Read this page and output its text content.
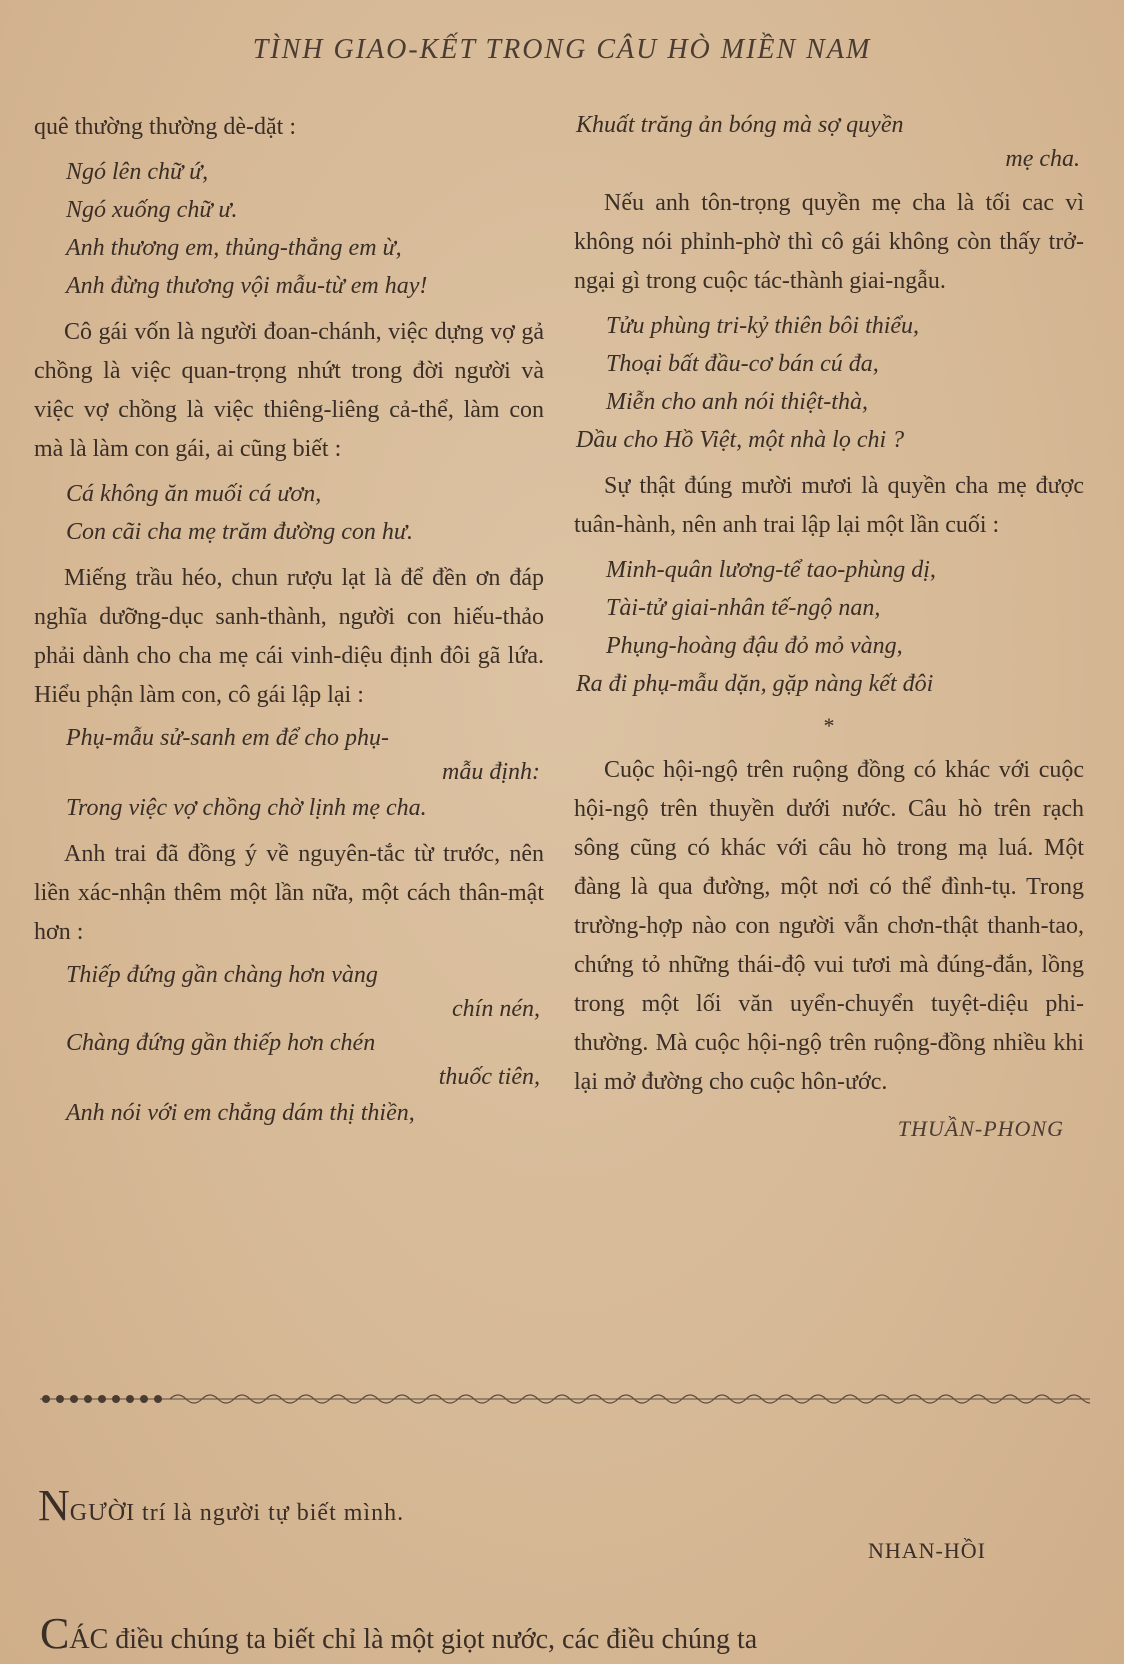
TÌNH GIAO-KẾT TRONG CÂU HÒ MIỀN NAM

quê thường thường dè-dặt :

Ngó lên chữ ứ,
Ngó xuống chữ ư.
Anh thương em, thủng-thẳng em ừ,
Anh đừng thương vội mẫu-từ em hay!

Cô gái vốn là người đoan-chánh, việc dựng vợ gả chồng là việc quan-trọng nhứt trong đời người và việc vợ chồng là việc thiêng-liêng cả-thể, làm con mà là làm con gái, ai cũng biết :

Cá không ăn muối cá ươn,
Con cãi cha mẹ trăm đường con hư.

Miếng trầu héo, chun rượu lạt là để đền ơn đáp nghĩa dưỡng-dục sanh-thành, người con hiếu-thảo phải dành cho cha mẹ cái vinh-diệu định đôi gã lứa. Hiểu phận làm con, cô gái lập lại :

Phụ-mẫu sử-sanh em để cho phụ-
mẫu định:
Trong việc vợ chồng chờ lịnh mẹ cha.

Anh trai đã đồng ý về nguyên-tắc từ trước, nên liền xác-nhận thêm một lần nữa, một cách thân-mật hơn :

Thiếp đứng gần chàng hơn vàng
chín nén,
Chàng đứng gần thiếp hơn chén
thuốc tiên,
Anh nói với em chẳng dám thị thiền,
Khuất trăng ản bóng mà sợ quyền
mẹ cha.

Nếu anh tôn-trọng quyền mẹ cha là tối cac vì không nói phỉnh-phờ thì cô gái không còn thấy trở-ngại gì trong cuộc tác-thành giai-ngẫu.

Tửu phùng tri-kỷ thiên bôi thiểu,
Thoại bất đầu-cơ bán cú đa,
Miễn cho anh nói thiệt-thà,
Dầu cho Hồ Việt, một nhà lọ chi ?

Sự thật đúng mười mươi là quyền cha mẹ được tuân-hành, nên anh trai lập lại một lần cuối :

Minh-quân lương-tể tao-phùng dị,
Tài-tử giai-nhân tế-ngộ nan,
Phụng-hoàng đậu đỏ mỏ vàng,
Ra đi phụ-mẫu dặn, gặp nàng kết đôi
*

Cuộc hội-ngộ trên ruộng đồng có khác với cuộc hội-ngộ trên thuyền dưới nước. Câu hò trên rạch sông cũng có khác với câu hò trong mạ luá. Một đàng là qua đường, một nơi có thể đình-tụ. Trong trường-hợp nào con người vẫn chơn-thật thanh-tao, chứng tỏ những thái-độ vui tươi mà đúng-đắn, lồng trong một lối văn uyển-chuyển tuyệt-diệu phi-thường. Mà cuộc hội-ngộ trên ruộng-đồng nhiều khi lại mở đường cho cuộc hôn-ước.

THUẦN-PHONG
NGƯỜI trí là người tự biết mình.
NHAN-HỒI
CÁC điều chúng ta biết chỉ là một giọt nước, các điều chúng ta
